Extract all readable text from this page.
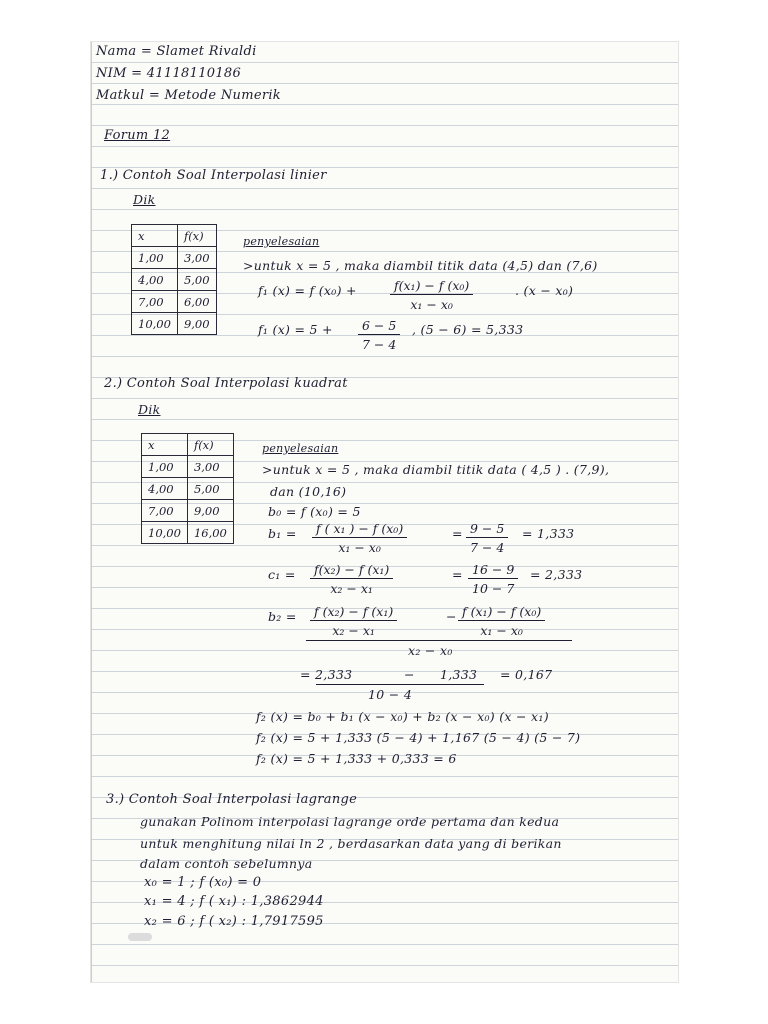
Nama = Slamet Rivaldi
NIM = 41118110186
Matkul = Metode Numerik
Forum 12
1.) Contoh Soal Interpolasi linier
Dik
x	f(x)
1,00	3,00
4,00	5,00
7,00	6,00
10,00	9,00
penyelesaian
>untuk x = 5 , maka diambil titik data (4,5) dan (7,6)
f₁ (x) = f (x₀) +	$\frac{\text{f(x₁) − f (x₀)}}{\text{x₁ − x₀}}$	. (x − x₀)
f₁ $(x) = 5 + \frac{6 - 5}{7 - 4}$ , (5 − 6) = 5,333
2.) Contoh Soal Interpolasi kuadrat
Dik
x	f(x)
1,00	3,00
4,00	5,00
7,00	9,00
10,00	16,00
penyelesaian
>untuk x = 5 , maka diambil titik data ( 4,5 ) . (7,9),
dan (10,16)
b₀ = f (x₀) = 5
$b_1 = \frac{\text{f ( x₁ ) − f (x₀)}}{\text{x₁ − x₀}}$	= $\frac{9 - 5}{7 - 4} = 1,333$
$c_1 = \frac{\text{f(x₂) − f (x₁)}}{\text{x₂ − x₁}}$	= $\frac{16 - 9}{10 - 7} = 2,333$
$b_2 = \frac{\text{f (x₂) − f (x₁)}}{\text{x₂ − x₁}}$	− $\frac{\text{f (x₁) − f (x₀)}}{\text{x₁ − x₀}}$
x₂ − x₀
= 2,333	− 1,333 = 0,167
10 − 4
f₂ (x) = b₀ + b₁ (x − x₀) + b₂ (x − x₀) (x − x₁)
f₂ (x) = 5 + 1,333 (5 − 4) + 1,167 (5 − 4) (5 − 7)
f₂ (x) = 5 + 1,333 + 0,333 = 6
3.) Contoh Soal Interpolasi lagrange
gunakan Polinom interpolasi lagrange orde pertama dan kedua
untuk menghitung nilai ln 2 , berdasarkan data yang di berikan
dalam contoh sebelumnya
x₀ = 1 ; f (x₀) = 0
x₁ = 4 ; f ( x₁) : 1,3862944
x₂ = 6 ; f ( x₂) : 1,7917595
